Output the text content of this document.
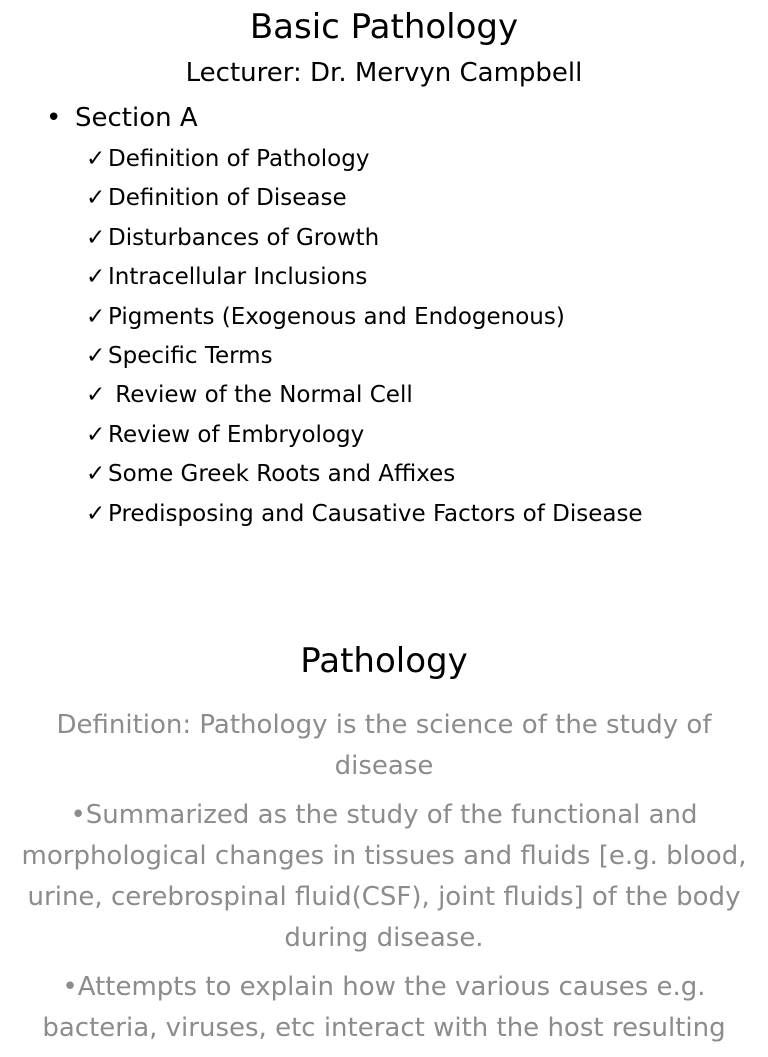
Basic Pathology
Lecturer: Dr. Mervyn Campbell
• Section A
✓ Definition of Pathology
✓ Definition of Disease
✓ Disturbances of Growth
✓ Intracellular Inclusions
✓ Pigments (Exogenous and Endogenous)
✓ Specific Terms
✓ Review of the Normal Cell
✓ Review of Embryology
✓ Some Greek Roots and Affixes
✓ Predisposing and Causative Factors of Disease
Pathology

Definition: Pathology is the science of the study of disease

•Summarized as the study of the functional and morphological changes in tissues and fluids [e.g. blood, urine, cerebrospinal fluid(CSF), joint fluids] of the body during disease.

•Attempts to explain how the various causes e.g. bacteria, viruses, etc interact with the host resulting
